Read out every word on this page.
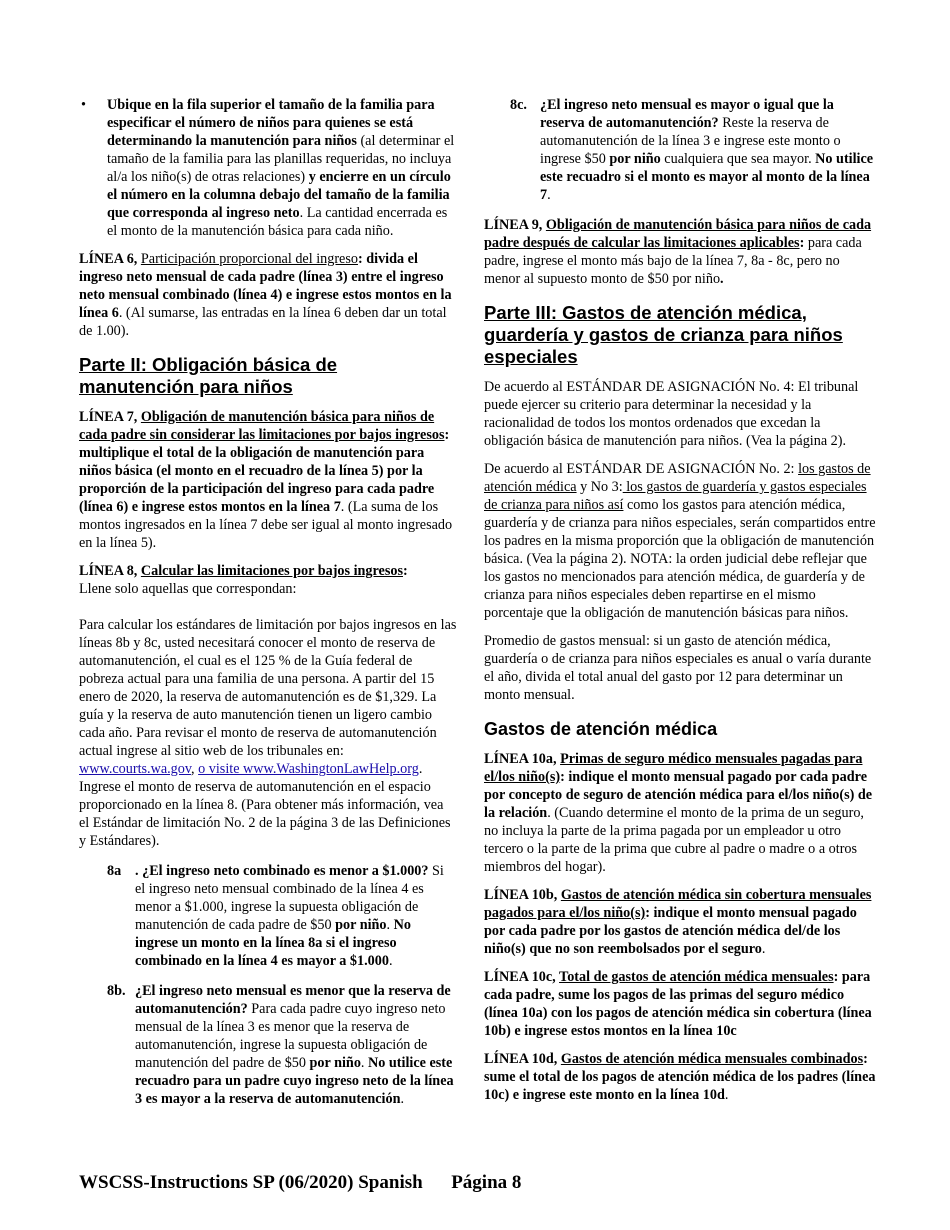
• Ubique en la fila superior el tamaño de la familia para especificar el número de niños para quienes se está determinando la manutención para niños (al determinar el tamaño de la familia para las planillas requeridas, no incluya al/a los niño(s) de otras relaciones) y encierre en un círculo el número en la columna debajo del tamaño de la familia que corresponda al ingreso neto. La cantidad encerrada es el monto de la manutención básica para cada niño.

LÍNEA 6, Participación proporcional del ingreso: divida el ingreso neto mensual de cada padre (línea 3) entre el ingreso neto mensual combinado (línea 4) e ingrese estos montos en la línea 6. (Al sumarse, las entradas en la línea 6 deben dar un total de 1.00).

Parte II: Obligación básica de manutención para niños

LÍNEA 7, Obligación de manutención básica para niños de cada padre sin considerar las limitaciones por bajos ingresos: multiplique el total de la obligación de manutención para niños básica (el monto en el recuadro de la línea 5) por la proporción de la participación del ingreso para cada padre (línea 6) e ingrese estos montos en la línea 7. (La suma de los montos ingresados en la línea 7 debe ser igual al monto ingresado en la línea 5).

LÍNEA 8, Calcular las limitaciones por bajos ingresos:
Llene solo aquellas que correspondan:

Para calcular los estándares de limitación por bajos ingresos en las líneas 8b y 8c, usted necesitará conocer el monto de reserva de automanutención, el cual es el 125 % de la Guía federal de pobreza actual para una familia de una persona. A partir del 15 enero de 2020, la reserva de automanutención es de $1,329. La guía y la reserva de auto manutención tienen un ligero cambio cada año. Para revisar el monto de reserva de automanutención actual ingrese al sitio web de los tribunales en: www.courts.wa.gov, o visite www.WashingtonLawHelp.org. Ingrese el monto de reserva de automanutención en el espacio proporcionado en la línea 8. (Para obtener más información, vea el Estándar de limitación No. 2 de la página 3 de las Definiciones y Estándares).

8a . ¿El ingreso neto combinado es menor a $1.000? Si el ingreso neto mensual combinado de la línea 4 es menor a $1.000, ingrese la supuesta obligación de manutención de cada padre de $50 por niño. No ingrese un monto en la línea 8a si el ingreso combinado en la línea 4 es mayor a $1.000.
8b. ¿El ingreso neto mensual es menor que la reserva de automanutención? Para cada padre cuyo ingreso neto mensual de la línea 3 es menor que la reserva de automanutención, ingrese la supuesta obligación de manutención del padre de $50 por niño. No utilice este recuadro para un padre cuyo ingreso neto de la línea 3 es mayor a la reserva de automanutención.
8c. ¿El ingreso neto mensual es mayor o igual que la reserva de automanutención? Reste la reserva de automanutención de la línea 3 e ingrese este monto o ingrese $50 por niño cualquiera que sea mayor. No utilice este recuadro si el monto es mayor al monto de la línea 7.

LÍNEA 9, Obligación de manutención básica para niños de cada padre después de calcular las limitaciones aplicables: para cada padre, ingrese el monto más bajo de la línea 7, 8a - 8c, pero no menor al supuesto monto de $50 por niño.

Parte III: Gastos de atención médica, guardería y gastos de crianza para niños especiales

De acuerdo al ESTÁNDAR DE ASIGNACIÓN No. 4: El tribunal puede ejercer su criterio para determinar la necesidad y la racionalidad de todos los montos ordenados que excedan la obligación básica de manutención para niños. (Vea la página 2).

De acuerdo al ESTÁNDAR DE ASIGNACIÓN No. 2: los gastos de atención médica y No 3: los gastos de guardería y gastos especiales de crianza para niños así como los gastos para atención médica, guardería y de crianza para niños especiales, serán compartidos entre los padres en la misma proporción que la obligación de manutención básica. (Vea la página 2). NOTA: la orden judicial debe reflejar que los gastos no mencionados para atención médica, de guardería y de crianza para niños especiales deben repartirse en el mismo porcentaje que la obligación de manutención básicas para niños.

Promedio de gastos mensual: si un gasto de atención médica, guardería o de crianza para niños especiales es anual o varía durante el año, divida el total anual del gasto por 12 para determinar un monto mensual.

Gastos de atención médica

LÍNEA 10a, Primas de seguro médico mensuales pagadas para el/los niño(s): indique el monto mensual pagado por cada padre por concepto de seguro de atención médica para el/los niño(s) de la relación. (Cuando determine el monto de la prima de un seguro, no incluya la parte de la prima pagada por un empleador u otro tercero o la parte de la prima que cubre al padre o madre o a otros miembros del hogar).

LÍNEA 10b, Gastos de atención médica sin cobertura mensuales pagados para el/los niño(s): indique el monto mensual pagado por cada padre por los gastos de atención médica del/de los niño(s) que no son reembolsados por el seguro.

LÍNEA 10c, Total de gastos de atención médica mensuales: para cada padre, sume los pagos de las primas del seguro médico (línea 10a) con los pagos de atención médica sin cobertura (línea 10b) e ingrese estos montos en la línea 10c

LÍNEA 10d, Gastos de atención médica mensuales combinados: sume el total de los pagos de atención médica de los padres (línea 10c) e ingrese este monto en la línea 10d.

WSCSS-Instructions SP (06/2020) Spanish Página 8
